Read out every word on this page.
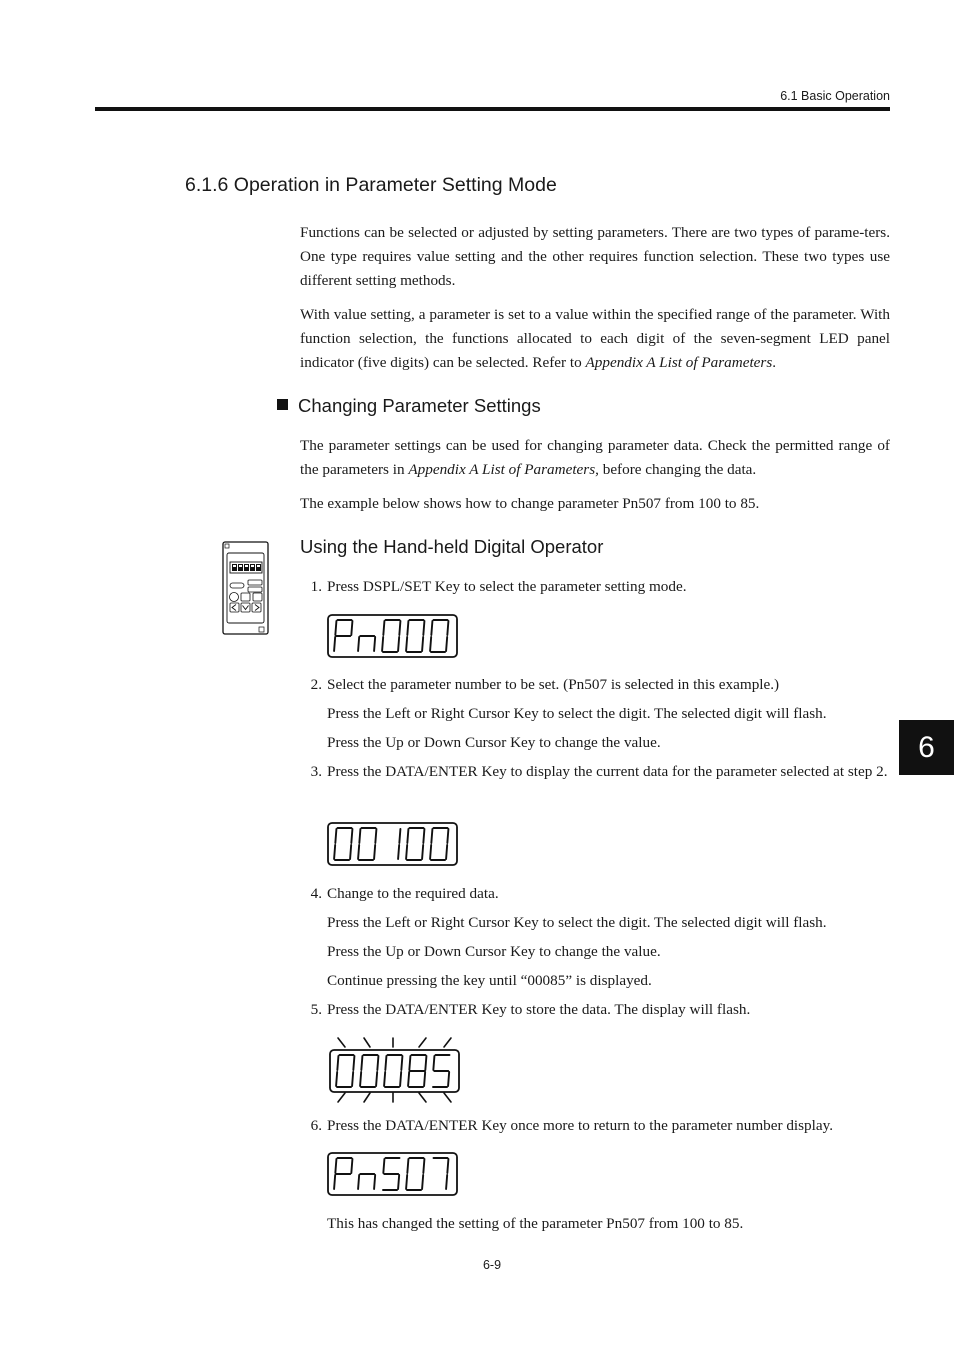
6.1 Basic Operation
6.1.6 Operation in Parameter Setting Mode

Functions can be selected or adjusted by setting parameters. There are two types of parame-ters. One type requires value setting and the other requires function selection. These two types use different setting methods.

With value setting, a parameter is set to a value within the specified range of the parameter. With function selection, the functions allocated to each digit of the seven-segment LED panel indicator (five digits) can be selected. Refer to Appendix A List of Parameters.

Changing Parameter Settings

The parameter settings can be used for changing parameter data. Check the permitted range of the parameters in Appendix A List of Parameters, before changing the data.

The example below shows how to change parameter Pn507 from 100 to 85.

Using the Hand-held Digital Operator
1. Press DSPL/SET Key to select the parameter setting mode.
2. Select the parameter number to be set. (Pn507 is selected in this example.)
Press the Left or Right Cursor Key to select the digit. The selected digit will flash.
Press the Up or Down Cursor Key to change the value.
3. Press the DATA/ENTER Key to display the current data for the parameter selected at step 2.
4. Change to the required data.
Press the Left or Right Cursor Key to select the digit. The selected digit will flash.
Press the Up or Down Cursor Key to change the value.
Continue pressing the key until “00085” is displayed.
5. Press the DATA/ENTER Key to store the data. The display will flash.
6. Press the DATA/ENTER Key once more to return to the parameter number display.
This has changed the setting of the parameter Pn507 from 100 to 85.
6
6-9
